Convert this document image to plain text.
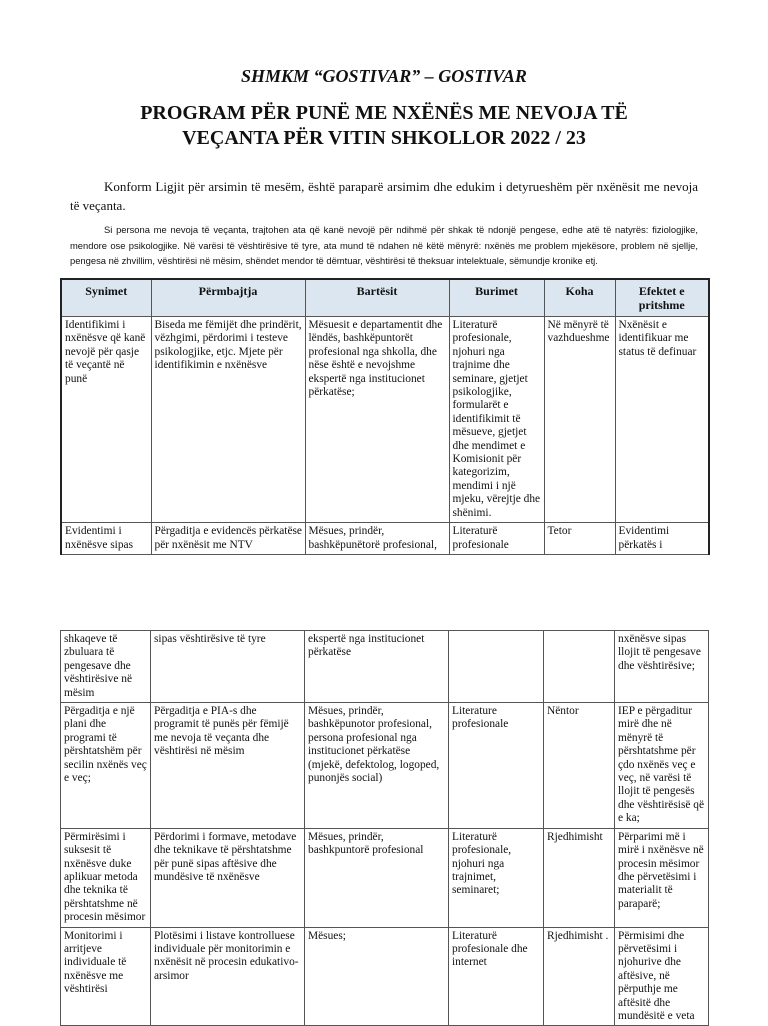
SHMKM “GOSTIVAR” – GOSTIVAR
PROGRAM PËR PUNË ME NXËNËS ME NEVOJA TË
VEÇANTA PËR VITIN SHKOLLOR 2022 / 23
Konform Ligjit për arsimin të mesëm, është paraparë arsimim dhe edukim i detyrueshëm për nxënësit me nevoja të veçanta.
Si persona me nevoja të veçanta, trajtohen ata që kanë nevojë për ndihmë për shkak të ndonjë pengese, edhe atë të natyrës: fiziologjike, mendore ose psikologjike. Në varësi të vështirësive të tyre, ata mund të ndahen në këtë mënyrë: nxënës me problem mjekësore, problem në sjellje, pengesa në zhvillim, vështirësi në mësim, shëndet mendor të dëmtuar, vështirësi të theksuar intelektuale, sëmundje kronike etj.
Synimet	Përmbajtja	Bartësit	Burimet	Koha	Efektet e pritshme
Identifikimi i nxënësve që kanë nevojë për qasje të veçantë në punë	Biseda me fëmijët dhe prindërit, vëzhgimi, përdorimi i testeve psikologjike, etjc. Mjete për identifikimin e nxënësve	Mësuesit e departamentit dhe lëndës, bashkëpuntorët profesional nga shkolla, dhe nëse është e nevojshme ekspertë nga institucionet përkatëse;	Literaturë profesionale, njohuri nga trajnime dhe seminare, gjetjet psikologjike, formularët e identifikimit të mësueve, gjetjet dhe mendimet e Komisionit për kategorizim, mendimi i një mjeku, vërejtje dhe shënimi.	Në mënyrë të vazhdueshme	Nxënësit e identifikuar me status të definuar
Evidentimi i nxënësve sipas	Përgaditja e evidencës përkatëse për nxënësit me NTV	Mësues, prindër, bashkëpunëtorë profesional,	Literaturë profesionale	Tetor	Evidentimi përkatës i
shkaqeve të zbuluara të pengesave dhe vështirësive në mësim	sipas vështirësive të tyre	ekspertë nga institucionet përkatëse			nxënësve sipas llojit të pengesave dhe vështirësive;
Përgaditja e një plani dhe programi të përshtatshëm për secilin nxënës veç e veç;	Përgaditja e PIA-s dhe programit të punës për fëmijë me nevoja të veçanta dhe vështirësi në mësim	Mësues, prindër, bashkëpunotor profesional, persona profesional nga institucionet përkatëse (mjekë, defektolog, logoped, punonjës social)	Literature profesionale	Nëntor	IEP e përgaditur mirë dhe në mënyrë të përshtatshme për çdo nxënës veç e veç, në varësi të llojit të pengesës dhe vështirësisë që e ka;
Përmirësimi i suksesit të nxënësve duke aplikuar metoda dhe teknika të përshtatshme në procesin mësimor	Përdorimi i formave, metodave dhe teknikave të përshtatshme për punë sipas aftësive dhe mundësive të nxënësve	Mësues, prindër, bashkpuntorë profesional	Literaturë profesionale, njohuri nga trajnimet, seminaret;	Rjedhimisht	Përparimi më i mirë i nxënësve në procesin mësimor dhe përvetësimi i materialit të paraparë;
Monitorimi i arritjeve individuale të nxënësve me vështirësi	Plotësimi i listave kontrolluese individuale për monitorimin e nxënësit në procesin edukativo-arsimor	Mësues;	Literaturë profesionale dhe internet	Rjedhimisht .	Përmisimi dhe përvetësimi i njohurive dhe aftësive, në përputhje me aftësitë dhe mundësitë e veta
